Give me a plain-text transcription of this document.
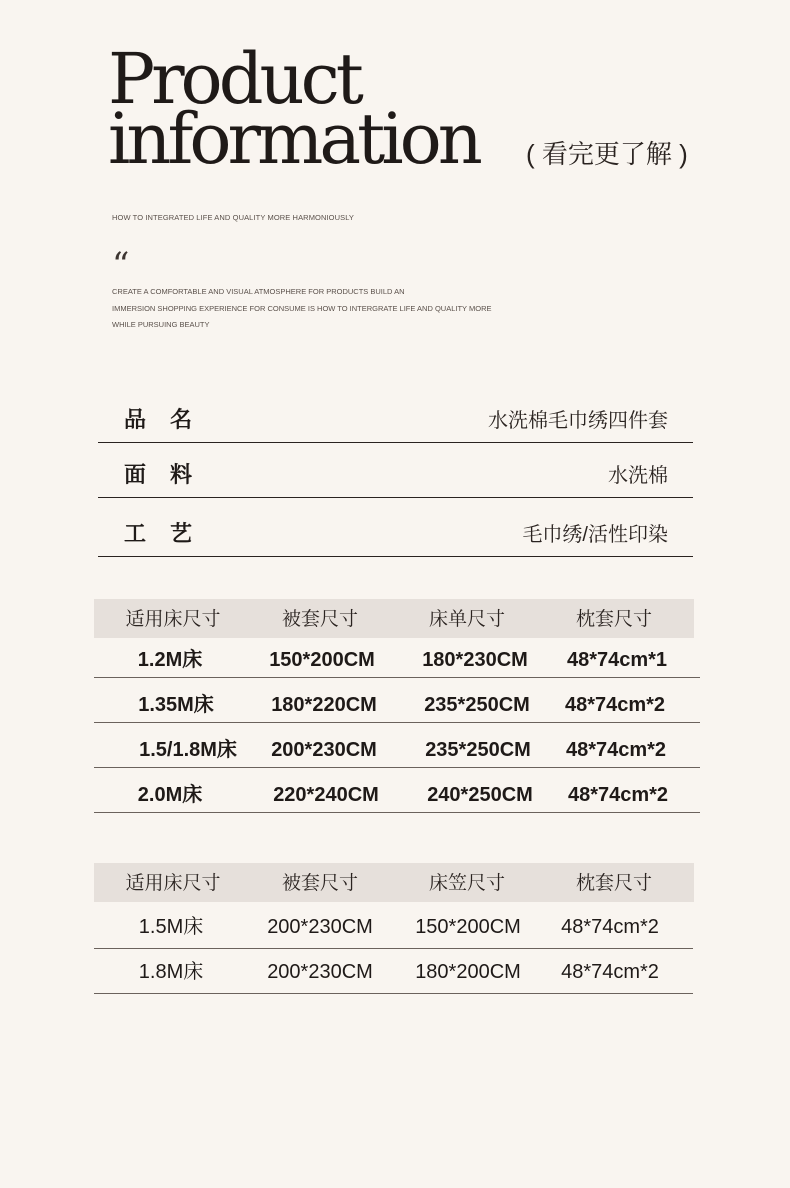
Product
information ( 看完更了解 )
HOW TO INTEGRATED LIFE AND QUALITY MORE HARMONIOUSLY
“
CREATE A COMFORTABLE AND VISUAL ATMOSPHERE FOR PRODUCTS BUILD AN
IMMERSION SHOPPING EXPERIENCE FOR CONSUME IS HOW TO INTERGRATE LIFE AND QUALITY MORE
WHILE PURSUING BEAUTY
品名	水洗棉毛巾绣四件套
面料	水洗棉
工艺	毛巾绣/活性印染
适用床尺寸	被套尺寸	床单尺寸	枕套尺寸
1.2M床	150*200CM 180*230CM 48*74cm*1
1.35M床	180*220CM 235*250CM 48*74cm*2
1.5/1.8M床 200*230CM 235*250CM 48*74cm*2
2.0M床	220*240CM 240*250CM 48*74cm*2
适用床尺寸	被套尺寸	床笠尺寸	枕套尺寸
1.5M床	200*230CM 150*200CM 48*74cm*2
1.8M床	200*230CM 180*200CM 48*74cm*2
